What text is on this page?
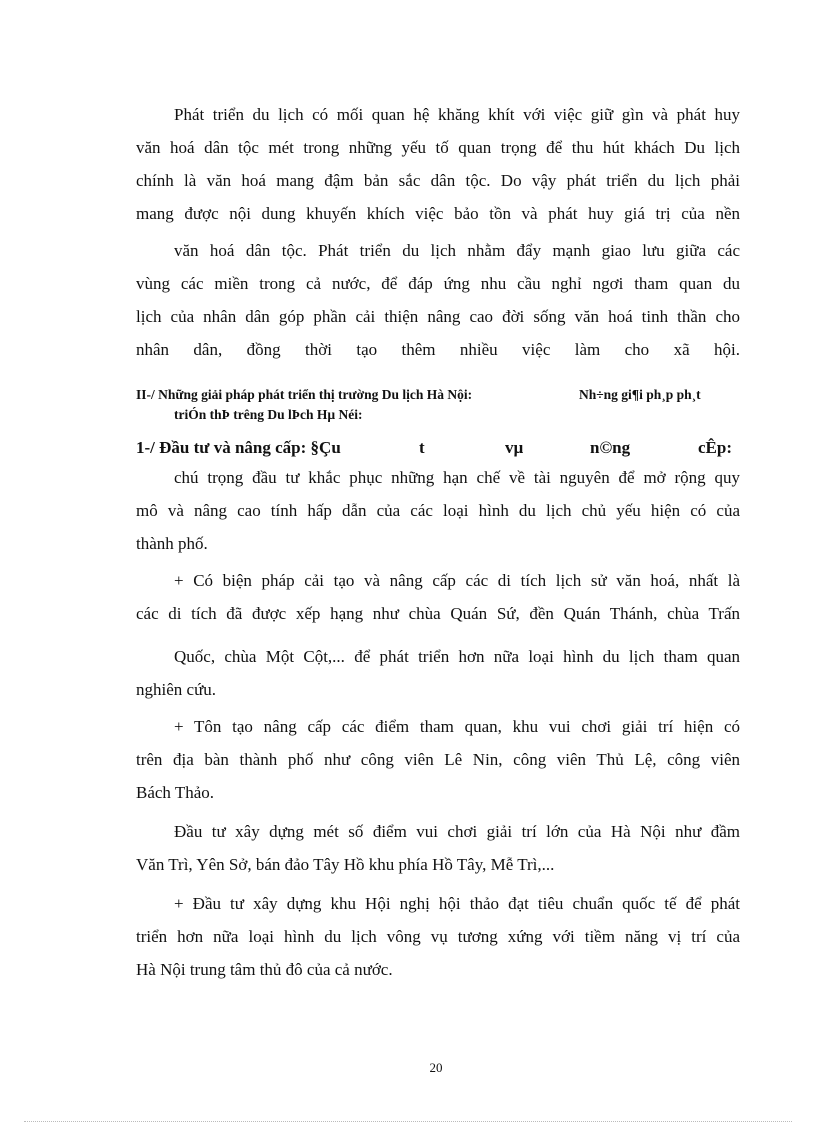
Phát triển du lịch có mối quan hệ khăng khít với việc giữ gìn và phát huy
văn hoá dân tộc mét trong những yếu tố quan trọng để thu hút khách Du lịch
chính là văn hoá mang đậm bản sắc dân tộc. Do vậy phát triển du lịch phải
mang được nội dung khuyến khích việc bảo tồn và phát huy giá trị của nền
văn hoá dân tộc. Phát triển du lịch nhằm đẩy mạnh giao lưu giữa các
vùng các miền trong cả nước, để đáp ứng nhu cầu nghỉ ngơi tham quan du
lịch của nhân dân góp phần cải thiện nâng cao đời sống văn hoá tinh thần cho
nhân dân, đồng thời tạo thêm nhiều việc làm cho xã hội.
II-/ Những giải pháp phát triển thị trường Du lịch Hà Nội:	Nh÷ng gi¶i ph¸p ph¸t
triÓn thÞ trêng Du lÞch Hµ Néi:
1-/ Đầu tư và nâng cấp: §Çu	t	vµ	n©ng	cÊp:
chú trọng đầu tư khắc phục những hạn chế về tài nguyên để mở rộng quy
mô và nâng cao tính hấp dẫn của các loại hình du lịch chủ yếu hiện có của
thành phố.
+ Có biện pháp cải tạo và nâng cấp các di tích lịch sử văn hoá, nhất là
các di tích đã được xếp hạng như chùa Quán Sứ, đền Quán Thánh, chùa Trấn
Quốc, chùa Một Cột,... để phát triển hơn nữa loại hình du lịch tham quan
nghiên cứu.
+ Tôn tạo nâng cấp các điểm tham quan, khu vui chơi giải trí hiện có
trên địa bàn thành phố như công viên Lê Nin, công viên Thủ Lệ, công viên
Bách Thảo.
Đầu tư xây dựng mét số điểm vui chơi giải trí lớn của Hà Nội như đầm
Văn Trì, Yên Sở, bán đảo Tây Hồ khu phía Hồ Tây, Mễ Trì,...
+ Đầu tư xây dựng khu Hội nghị hội thảo đạt tiêu chuẩn quốc tế để phát
triển hơn nữa loại hình du lịch vông vụ tương xứng với tiềm năng vị trí của
Hà Nội trung tâm thủ đô của cả nước.
20
